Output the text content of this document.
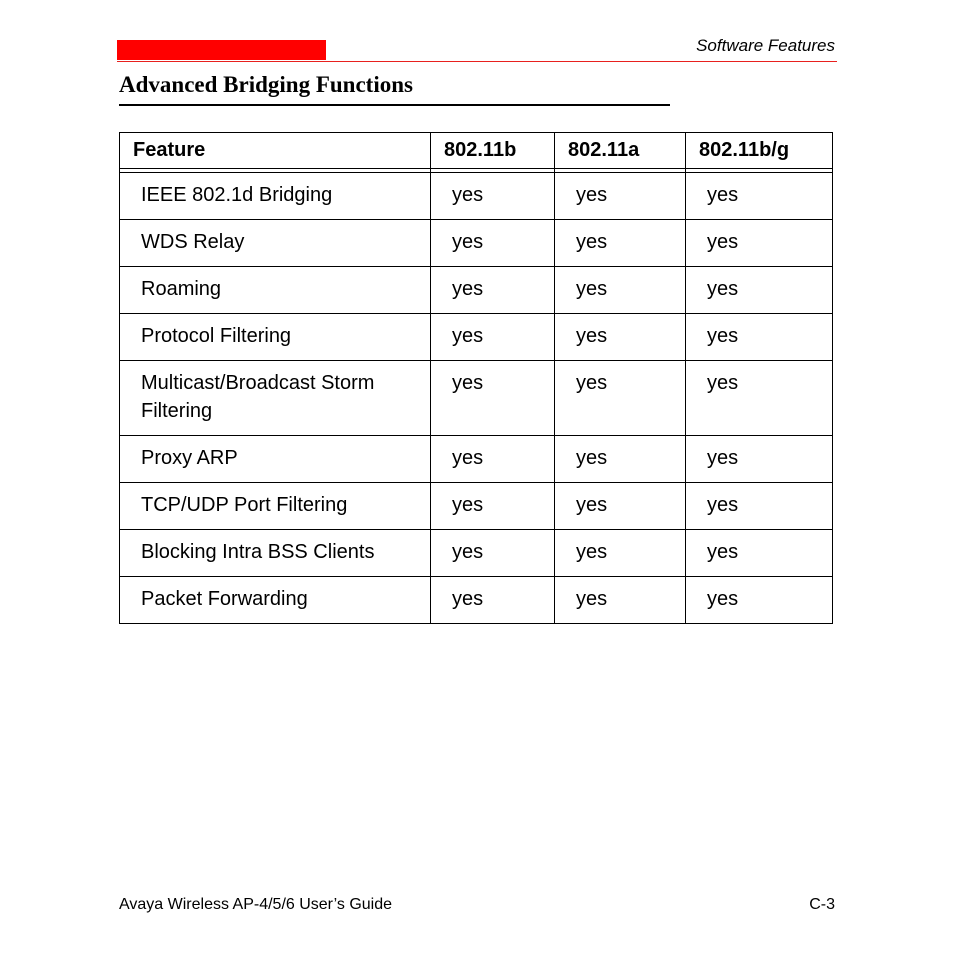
Software Features
Advanced Bridging Functions
Feature	802.11b	802.11a	802.11b/g

IEEE 802.1d Bridging	yes	yes	yes
WDS Relay	yes	yes	yes
Roaming	yes	yes	yes
Protocol Filtering	yes	yes	yes
Multicast/Broadcast Storm Filtering	yes	yes	yes
Proxy ARP	yes	yes	yes
TCP/UDP Port Filtering	yes	yes	yes
Blocking Intra BSS Clients	yes	yes	yes
Packet Forwarding	yes	yes	yes
Avaya Wireless AP-4/5/6 User’s Guide	C-3
